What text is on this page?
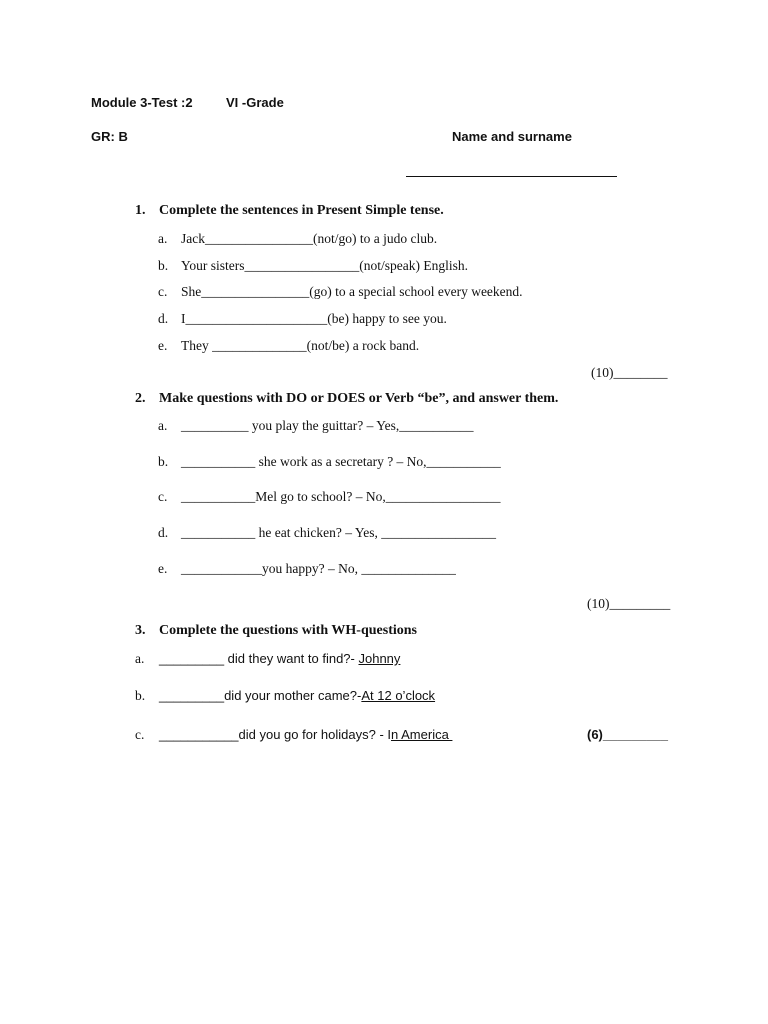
Module 3-Test :2	VI -Grade
GR: B	Name and surname
1. Complete the sentences in Present Simple tense.
a. Jack________________(not/go) to a judo club.
b. Your sisters_________________(not/speak) English.
c. She________________(go) to a special school every weekend.
d. I_____________________(be) happy to see you.
e. They ______________(not/be) a rock band.
(10)________
2. Make questions with DO or DOES or Verb “be”, and answer them.
a. __________ you play the guittar? – Yes,___________
b. ___________ she work as a secretary ? – No,___________
c. ___________Mel go to school? – No,_________________
d. ___________ he eat chicken? – Yes, _________________
e. ____________you happy? – No, ______________
(10)_________
3. Complete the questions with WH-questions
a. _________ did they want to find?- Johnny
b. _________did your mother came?-At 12 o’clock
c. ___________did you go for holidays? - In America	(6)_________
